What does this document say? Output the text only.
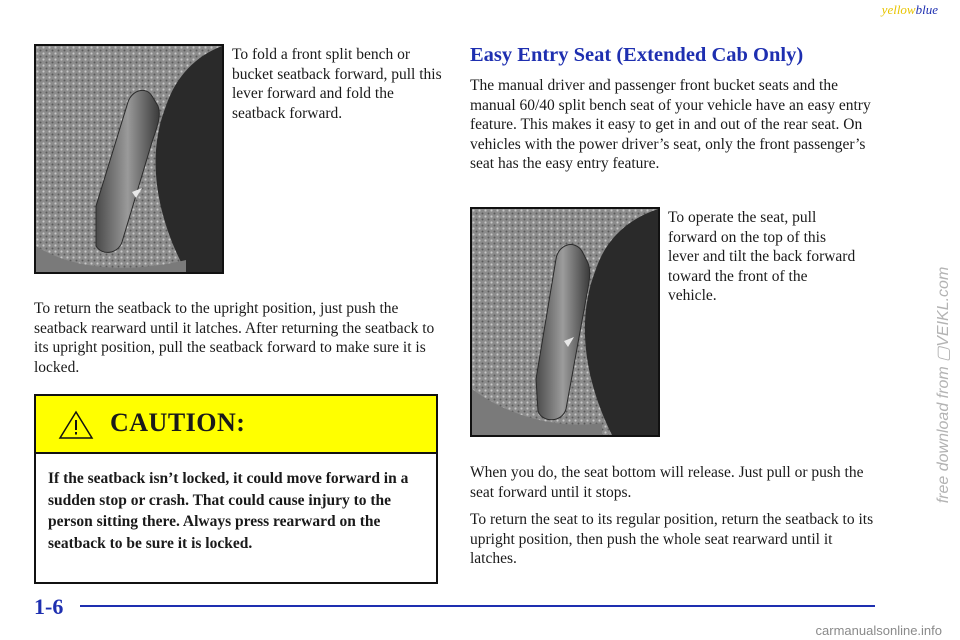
yellowblue

To fold a front split bench or bucket seatback forward, pull this lever forward and fold the seatback forward.

To return the seatback to the upright position, just push the seatback rearward until it latches. After returning the seatback to its upright position, pull the seatback forward to make sure it is locked.

CAUTION:
If the seatback isn’t locked, it could move forward in a sudden stop or crash. That could cause injury to the person sitting there. Always press rearward on the seatback to be sure it is locked.
Easy Entry Seat (Extended Cab Only)

The manual driver and passenger front bucket seats and the manual 60/40 split bench seat of your vehicle have an easy entry feature. This makes it easy to get in and out of the rear seat. On vehicles with the power driver’s seat, only the front passenger’s seat has the easy entry feature.

To operate the seat, pull forward on the top of this lever and tilt the back forward toward the front of the vehicle.

When you do, the seat bottom will release. Just pull or push the seat forward until it stops.

To return the seat to its regular position, return the seatback to its upright position, then push the whole seat rearward until it latches.

1-6
free download from ▢VEIKL.com
carmanualsonline.info
